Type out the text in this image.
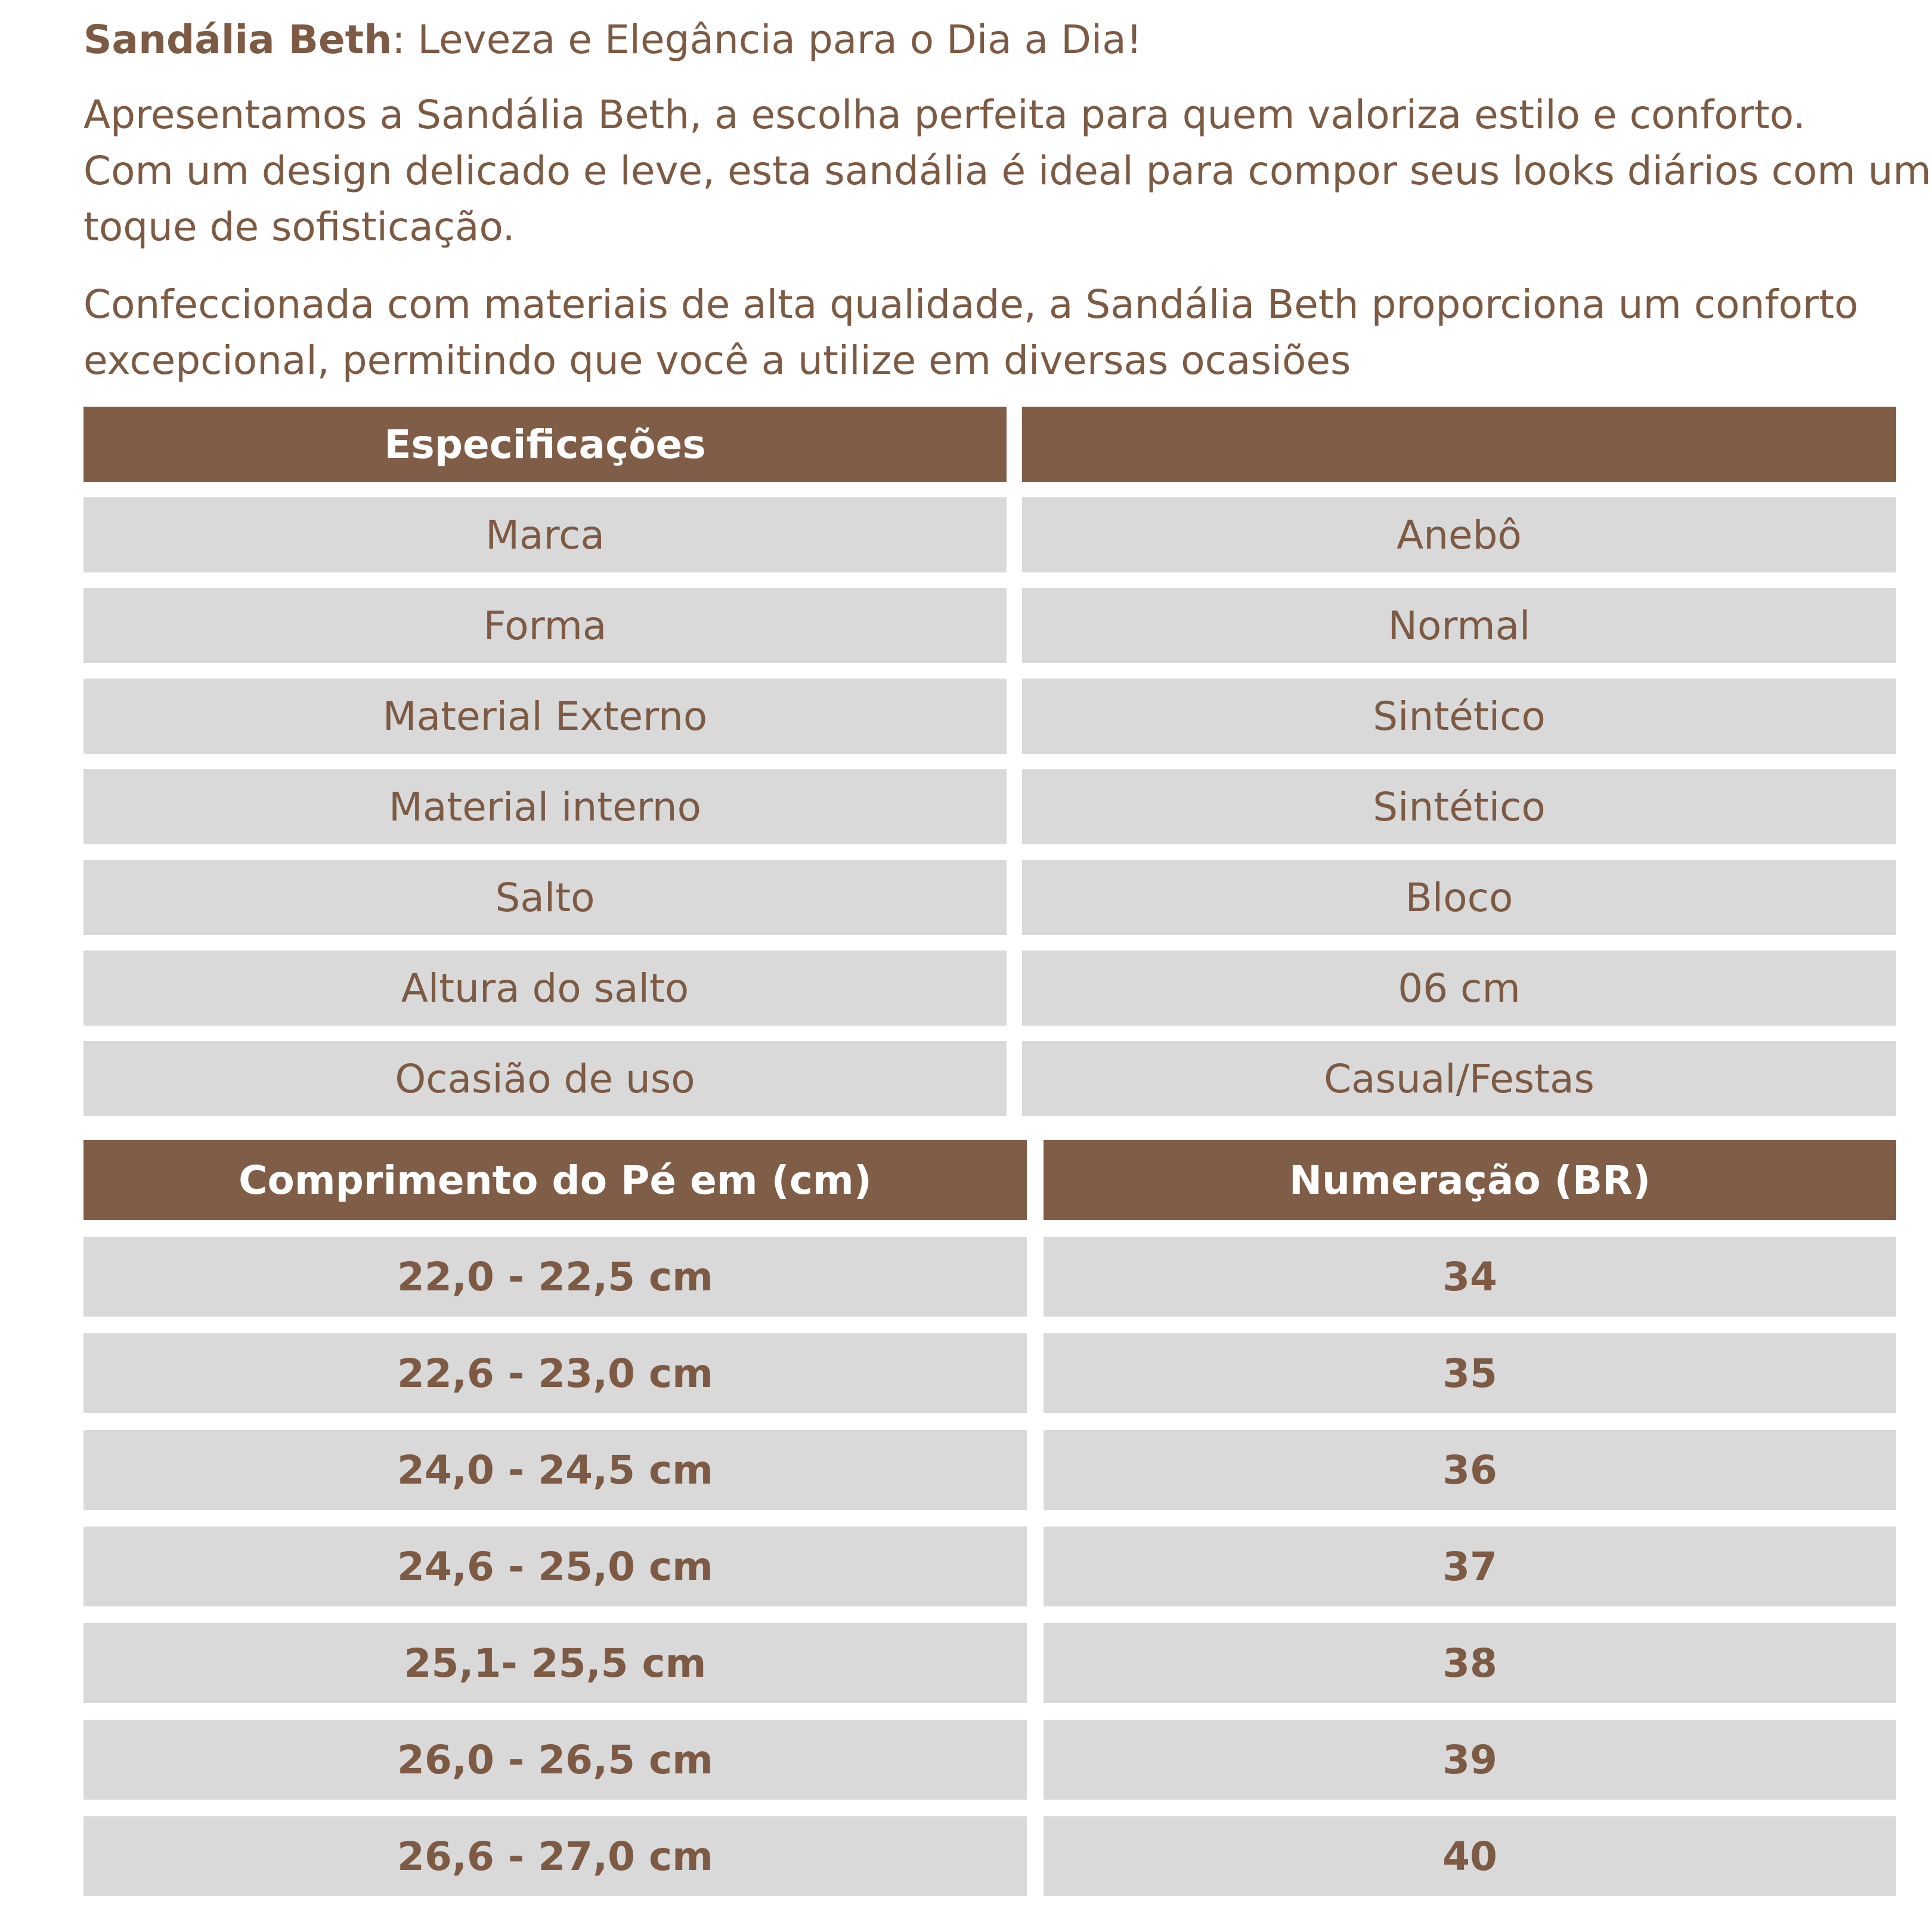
Sandália Beth: Leveza e Elegância para o Dia a Dia!
Apresentamos a Sandália Beth, a escolha perfeita para quem valoriza estilo e conforto.
Com um design delicado e leve, esta sandália é ideal para compor seus looks diários com um
toque de sofisticação.
Confeccionada com materiais de alta qualidade, a Sandália Beth proporciona um conforto
excepcional, permitindo que você a utilize em diversas ocasiões
Especificações
Marca	Anebô
Forma	Normal
Material Externo	Sintético
Material interno	Sintético
Salto	Bloco
Altura do salto	06 cm
Ocasião de uso	Casual/Festas
Comprimento do Pé em (cm)	Numeração (BR)
22,0 - 22,5 cm	34
22,6 - 23,0 cm	35
24,0 - 24,5 cm	36
24,6 - 25,0 cm	37
25,1- 25,5 cm	38
26,0 - 26,5 cm	39
26,6 - 27,0 cm	40
